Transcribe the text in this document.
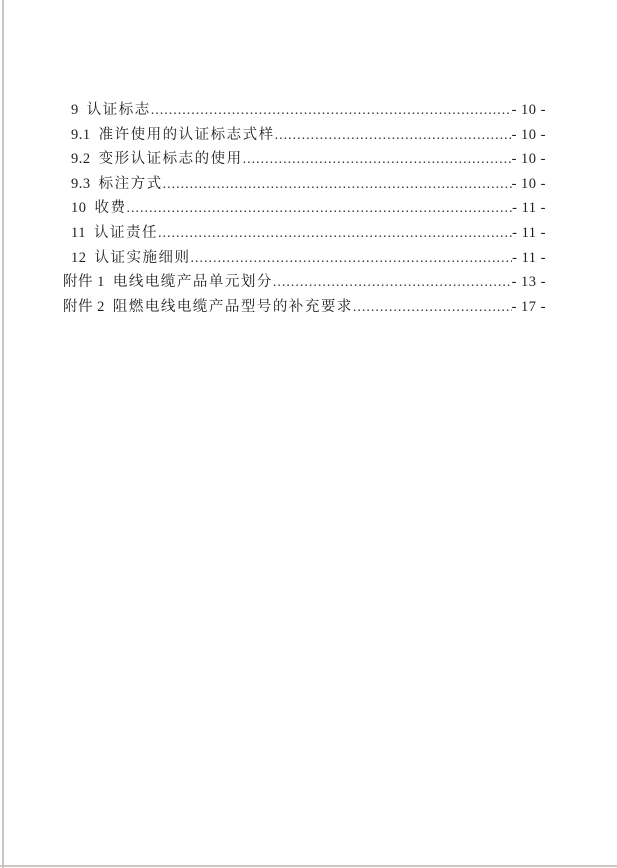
9 认证标志 .....	- 10 -
9.1 准许使用的认证标志式样 .....	- 10 -
9.2 变形认证标志的使用 .....	- 10 -
9.3 标注方式 .....	- 10 -
10 收费 .....	- 11 -
11 认证责任 .....	- 11 -
12 认证实施细则 .....	- 11 -
附件 1 电线电缆产品单元划分 .....	- 13 -
附件 2 阻燃电线电缆产品型号的补充要求 .....	- 17 -
